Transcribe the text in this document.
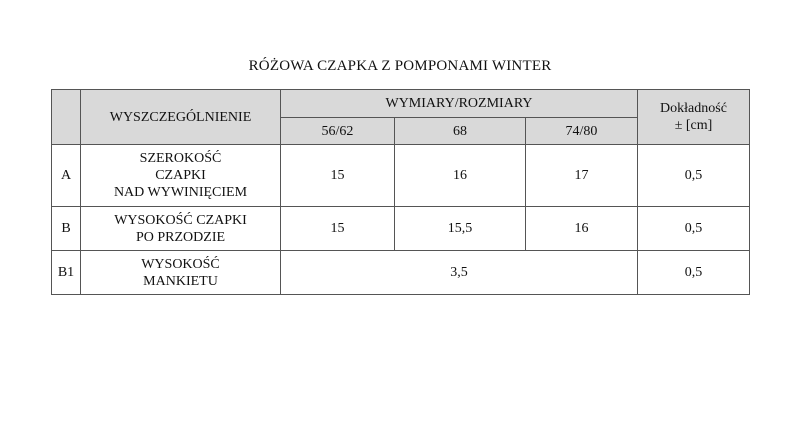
RÓŻOWA CZAPKA Z POMPONAMI WINTER
	WYSZCZEGÓLNIENIE	WYMIARY/ROZMIARY			Dokładność
± [cm]
		56/62	68	74/80	
A	SZEROKOŚĆ
CZAPKI
NAD WYWINIĘCIEM	15	16	17	0,5
B	WYSOKOŚĆ CZAPKI
PO PRZODZIE	15	15,5	16	0,5
B1	WYSOKOŚĆ
MANKIETU	3,5			0,5
